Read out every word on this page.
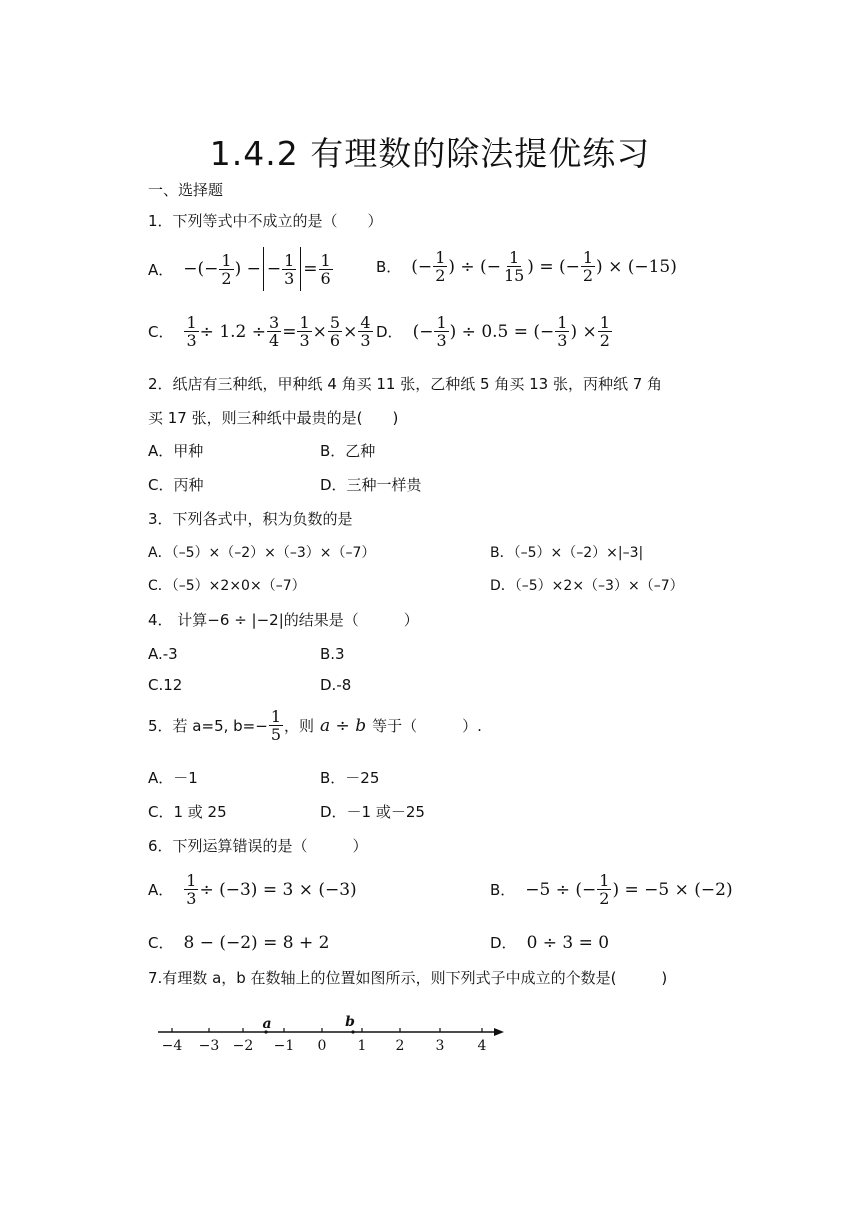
1.4.2 有理数的除法提优练习
一、选择题
1．下列等式中不成立的是（　　）
A． −(− $\frac{1}{2}$ ) − − $\frac{1}{3} = \frac{1}{6}$	B． (− $\frac{1}{2}$ ) ÷ (− $\frac{1}{15}$ ) = (− $\frac{1}{2}$ ) × (−15)
C． $\frac{1}{3} \div 1.2 \div \frac{3}{4} = \frac{1}{3} \times \frac{5}{6} \times \frac{4}{3}$ D． (− $\frac{1}{3}$ ) ÷ 0.5 = (− $\frac{1}{3}$ ) × $\frac{1}{2}$
2．纸店有三种纸，甲种纸 4 角买 11 张，乙种纸 5 角买 13 张，丙种纸 7 角
买 17 张，则三种纸中最贵的是(　　)
A．甲种	B．乙种
C．丙种	D．三种一样贵
3．下列各式中，积为负数的是
A．（–5）×（–2）×（–3）×（–7）	B．（–5）×（–2）×|–3|
C．（–5）×2×0×（–7）	D．（–5）×2×（–3）×（–7）
4． 计算−6 ÷ |−2|的结果是（　　　）
A.-3	B.3
C.12	D.-8
5．若 a=5, $b=- \frac{1}{5}$ ，则 a ÷ b 等于（　　　）.
A．－1	B．－25
C．1 或 25	D．－1 或－25
6．下列运算错误的是（　　　）
A． $\frac{1}{3} \div (-3) = 3 \times (-3)$	B． −5 ÷ (− $\frac{1}{2}$ ) = −5 × (−2)
C． 8 − (−2) = 8 + 2	D． 0 ÷ 3 = 0
7.有理数 a，b 在数轴上的位置如图所示，则下列式子中成立的个数是(　　　)
−4 −3 −2 −1 0 1 2 3 4
a	b
